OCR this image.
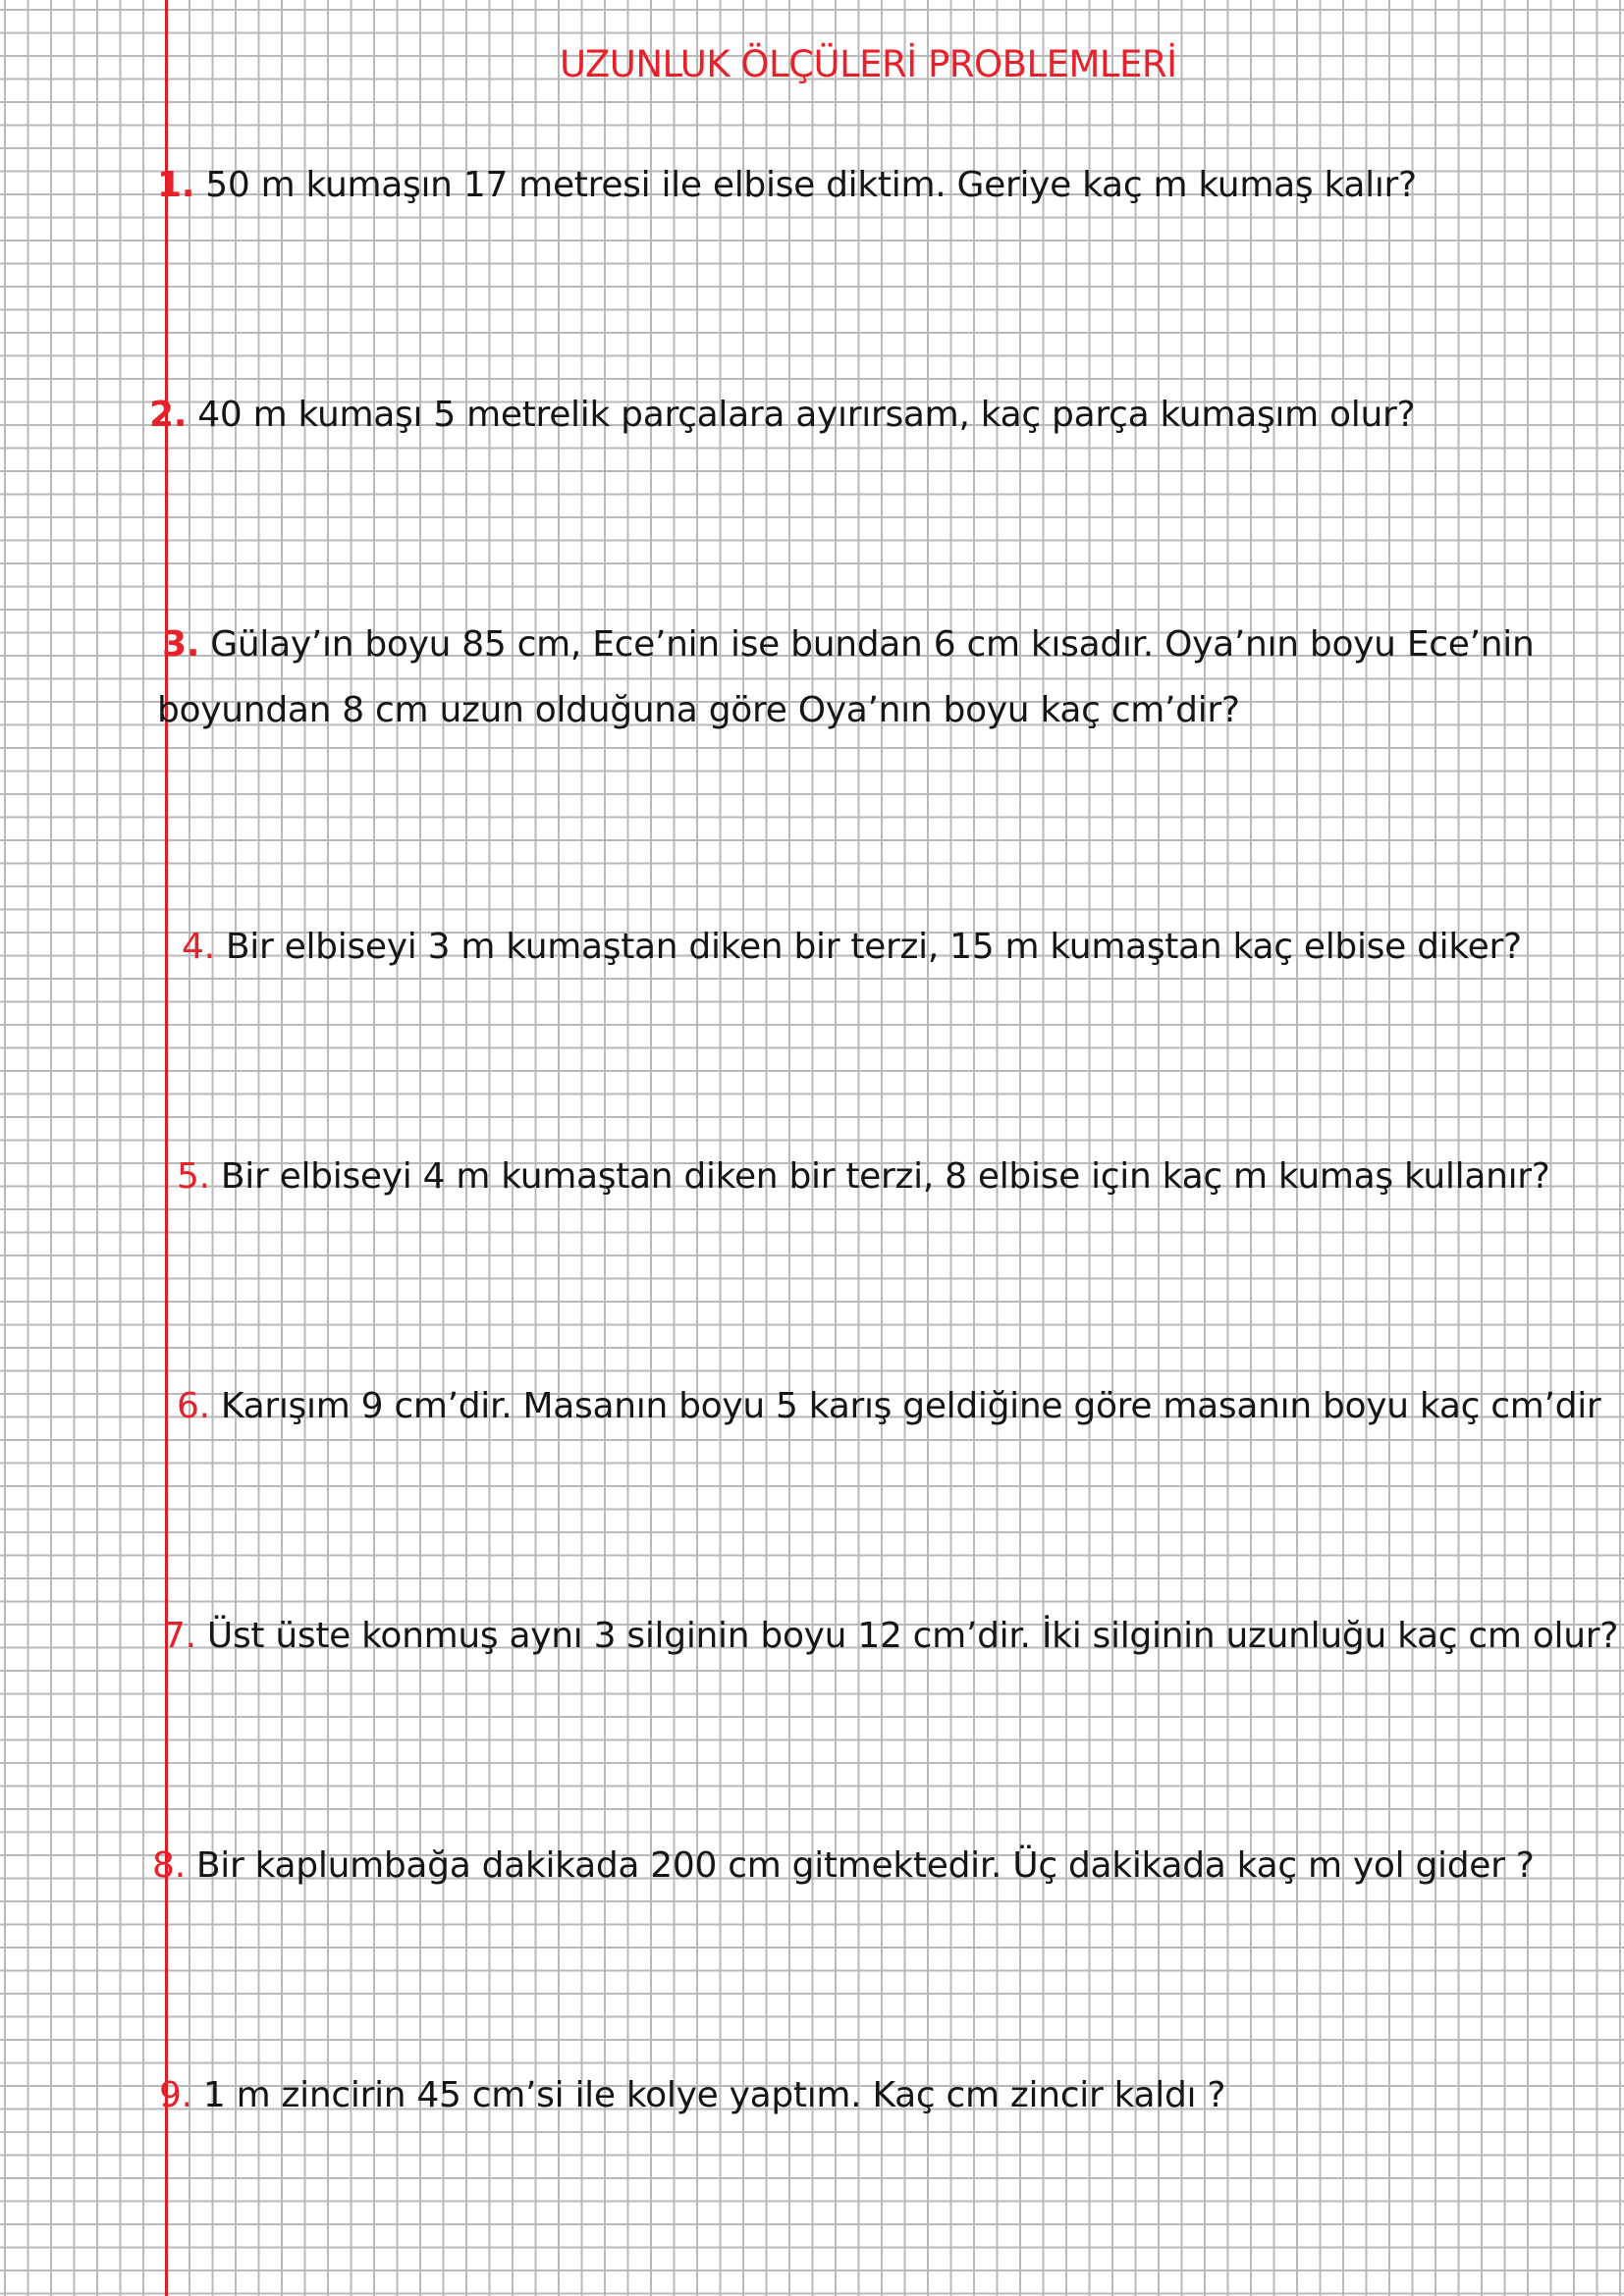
UZUNLUK ÖLÇÜLERİ PROBLEMLERİ
1. 50 m kumaşın 17 metresi ile elbise diktim. Geriye kaç m kumaş kalır?
2. 40 m kumaşı 5 metrelik parçalara ayırırsam, kaç parça kumaşım olur?
3. Gülay’ın boyu 85 cm, Ece’nin ise bundan 6 cm kısadır. Oya’nın boyu Ece’nin
boyundan 8 cm uzun olduğuna göre Oya’nın boyu kaç cm’dir?
4. Bir elbiseyi 3 m kumaştan diken bir terzi, 15 m kumaştan kaç elbise diker?
5. Bir elbiseyi 4 m kumaştan diken bir terzi, 8 elbise için kaç m kumaş kullanır?
6. Karışım 9 cm’dir. Masanın boyu 5 karış geldiğine göre masanın boyu kaç cm’dir
7. Üst üste konmuş aynı 3 silginin boyu 12 cm’dir. İki silginin uzunluğu kaç cm olur?
8. Bir kaplumbağa dakikada 200 cm gitmektedir. Üç dakikada kaç m yol gider ?
9. 1 m zincirin 45 cm’si ile kolye yaptım. Kaç cm zincir kaldı ?
